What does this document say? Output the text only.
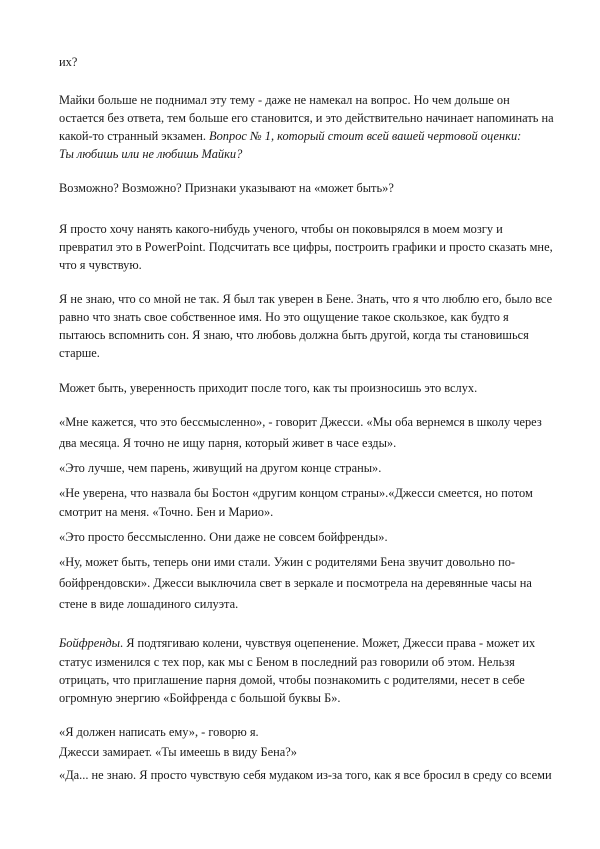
их?
Майки больше не поднимал эту тему - даже не намекал на вопрос. Но чем дольше он
остается без ответа, тем больше его становится, и это действительно начинает напоминать на
какой-то странный экзамен. Вопрос № 1, который стоит всей вашей чертовой оценки:
Ты любишь или не любишь Майки?
Возможно? Возможно? Признаки указывают на «может быть»?
Я просто хочу нанять какого-нибудь ученого, чтобы он поковырялся в моем мозгу и
превратил это в PowerPoint. Подсчитать все цифры, построить графики и просто сказать мне,
что я чувствую.
Я не знаю, что со мной не так. Я был так уверен в Бене. Знать, что я что люблю его, было все
равно что знать свое собственное имя. Но это ощущение такое скользкое, как будто я
пытаюсь вспомнить сон. Я знаю, что любовь должна быть другой, когда ты становишься
старше.
Может быть, уверенность приходит после того, как ты произносишь это вслух.
«Мне кажется, что это бессмысленно», - говорит Джесси. «Мы оба вернемся в школу через
два месяца. Я точно не ищу парня, который живет в часе езды».
«Это лучше, чем парень, живущий на другом конце страны».
«Не уверена, что назвала бы Бостон «другим концом страны».«Джесси смеется, но потом
смотрит на меня. «Точно. Бен и Марио».
«Это просто бессмысленно. Они даже не совсем бойфренды».
«Ну, может быть, теперь они ими стали. Ужин с родителями Бена звучит довольно по-
бойфрендовски». Джесси выключила свет в зеркале и посмотрела на деревянные часы на
стене в виде лошадиного силуэта.
Бойфренды. Я подтягиваю колени, чувствуя оцепенение. Может, Джесси права - может их
статус изменился с тех пор, как мы с Беном в последний раз говорили об этом. Нельзя
отрицать, что приглашение парня домой, чтобы познакомить с родителями, несет в себе
огромную энергию «Бойфренда с большой буквы Б».
«Я должен написать ему», - говорю я.
Джесси замирает. «Ты имеешь в виду Бена?»
«Да... не знаю. Я просто чувствую себя мудаком из-за того, как я все бросил в среду со всеми
